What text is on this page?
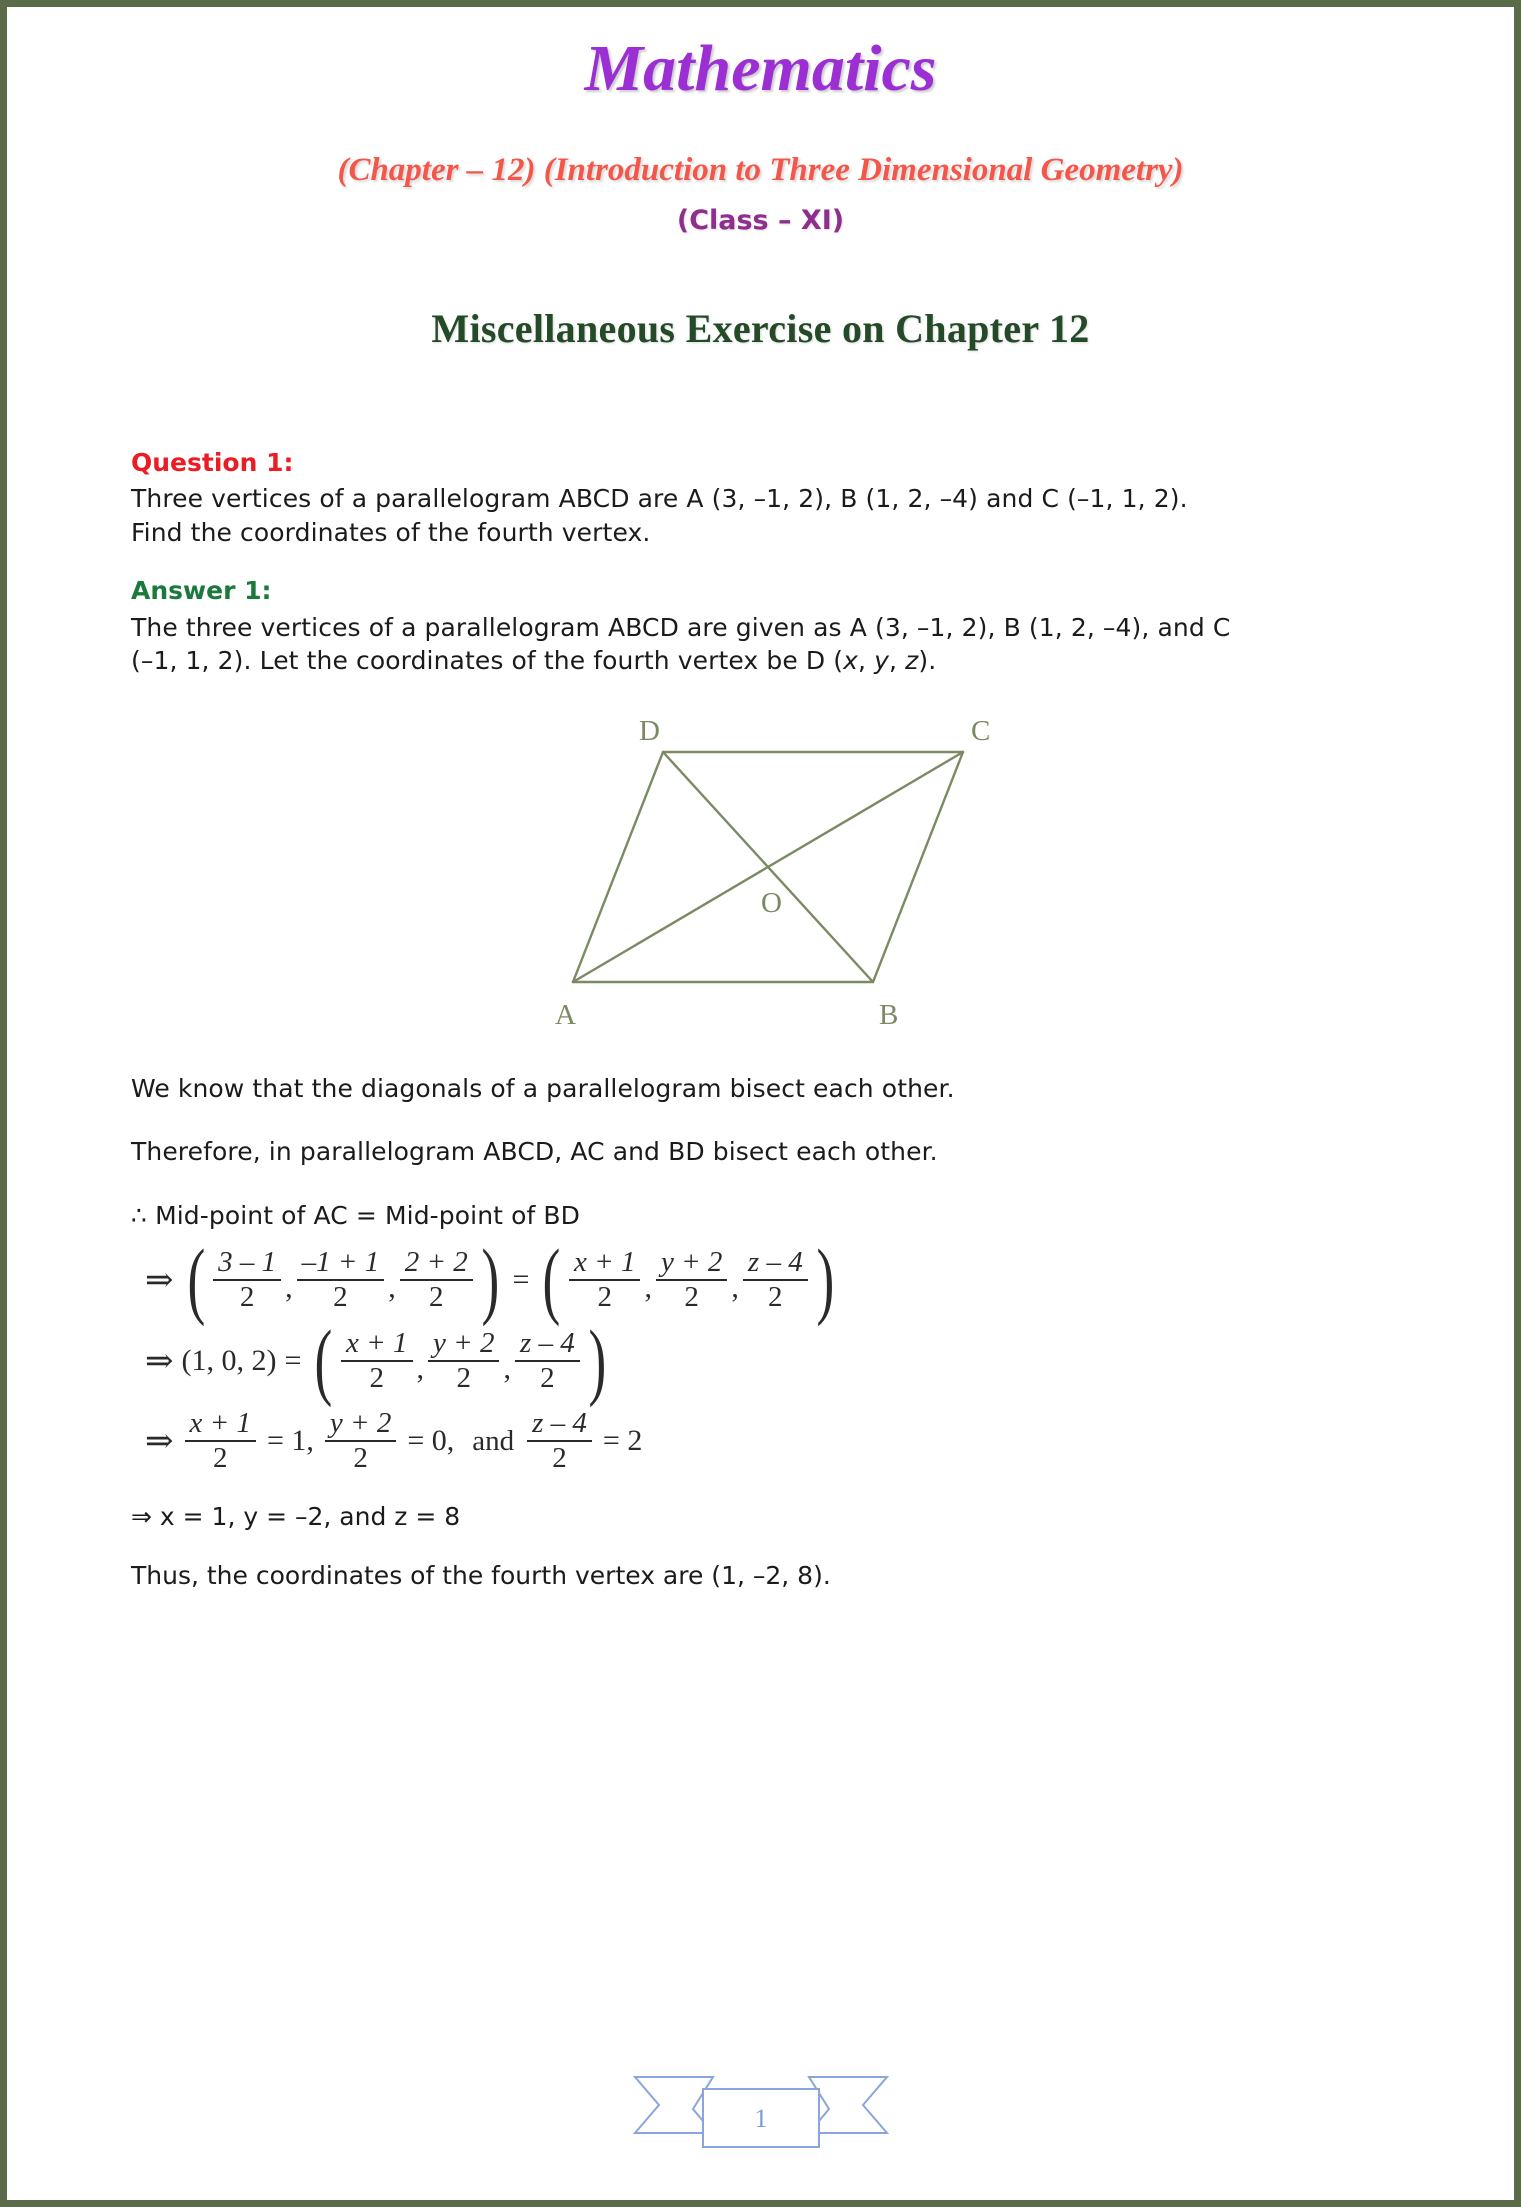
Mathematics
(Chapter – 12) (Introduction to Three Dimensional Geometry)
(Class – XI)
Miscellaneous Exercise on Chapter 12
Question 1:
Three vertices of a parallelogram ABCD are A (3, –1, 2), B (1, 2, –4) and C (–1, 1, 2).
Find the coordinates of the fourth vertex.
Answer 1:
The three vertices of a parallelogram ABCD are given as A (3, –1, 2), B (1, 2, –4), and C
(–1, 1, 2). Let the coordinates of the fourth vertex be D (x, y, z).
D	C
A	B
O
We know that the diagonals of a parallelogram bisect each other.
Therefore, in parallelogram ABCD, AC and BD bisect each other.
∴ Mid-point of AC = Mid-point of BD
⇒ ( $\frac{3 - 1}{2}$ , $\frac{-1 + 1}{2}$ , $\frac{2 + 2}{2}$ ) = ( $\frac{x + 1}{2}$ , $\frac{y + 2}{2}$ , $\frac{z - 4}{2}$ )
⇒ (1, 0, 2) = ( $\frac{x + 1}{2}$ , $\frac{y + 2}{2}$ , $\frac{z - 4}{2}$ )
⇒ $\frac{x + 1}{2} = 1$, $\frac{y + 2}{2} = 0$, and $\frac{z - 4}{2} = 2$
⇒ x = 1, y = –2, and z = 8
Thus, the coordinates of the fourth vertex are (1, –2, 8).
1
